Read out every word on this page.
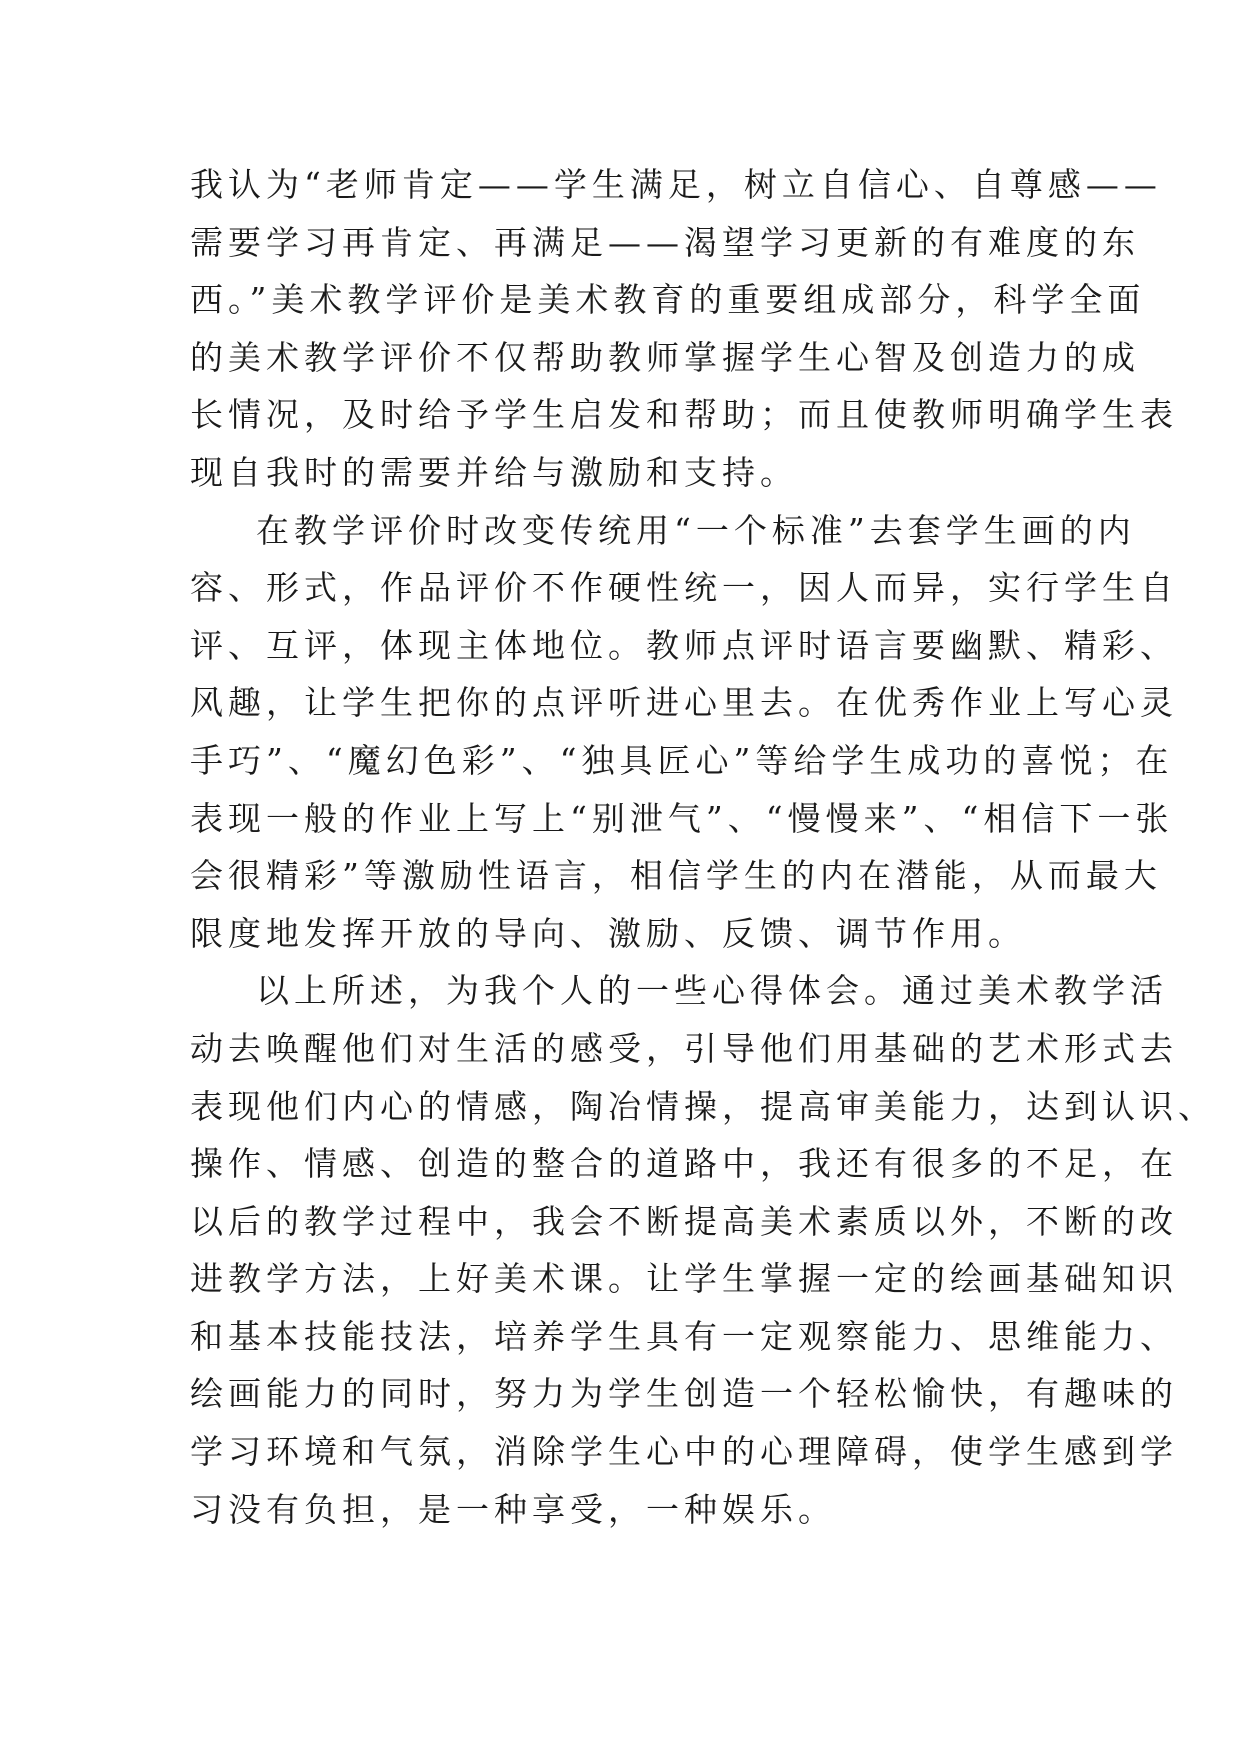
我认为“老师肯定——学生满足，树立自信心、自尊感——
需要学习再肯定、再满足——渴望学习更新的有难度的东
西。”美术教学评价是美术教育的重要组成部分，科学全面
的美术教学评价不仅帮助教师掌握学生心智及创造力的成
长情况，及时给予学生启发和帮助；而且使教师明确学生表
现自我时的需要并给与激励和支持。
在教学评价时改变传统用“一个标准”去套学生画的内
容、形式，作品评价不作硬性统一，因人而异，实行学生自
评、互评，体现主体地位。教师点评时语言要幽默、精彩、
风趣，让学生把你的点评听进心里去。在优秀作业上写心灵
手巧”、“魔幻色彩”、“独具匠心”等给学生成功的喜悦；在
表现一般的作业上写上“别泄气”、“慢慢来”、“相信下一张
会很精彩”等激励性语言，相信学生的内在潜能，从而最大
限度地发挥开放的导向、激励、反馈、调节作用。
以上所述，为我个人的一些心得体会。通过美术教学活
动去唤醒他们对生活的感受，引导他们用基础的艺术形式去
表现他们内心的情感，陶冶情操，提高审美能力，达到认识、
操作、情感、创造的整合的道路中，我还有很多的不足，在
以后的教学过程中，我会不断提高美术素质以外，不断的改
进教学方法，上好美术课。让学生掌握一定的绘画基础知识
和基本技能技法，培养学生具有一定观察能力、思维能力、
绘画能力的同时，努力为学生创造一个轻松愉快，有趣味的
学习环境和气氛，消除学生心中的心理障碍，使学生感到学
习没有负担，是一种享受，一种娱乐。
